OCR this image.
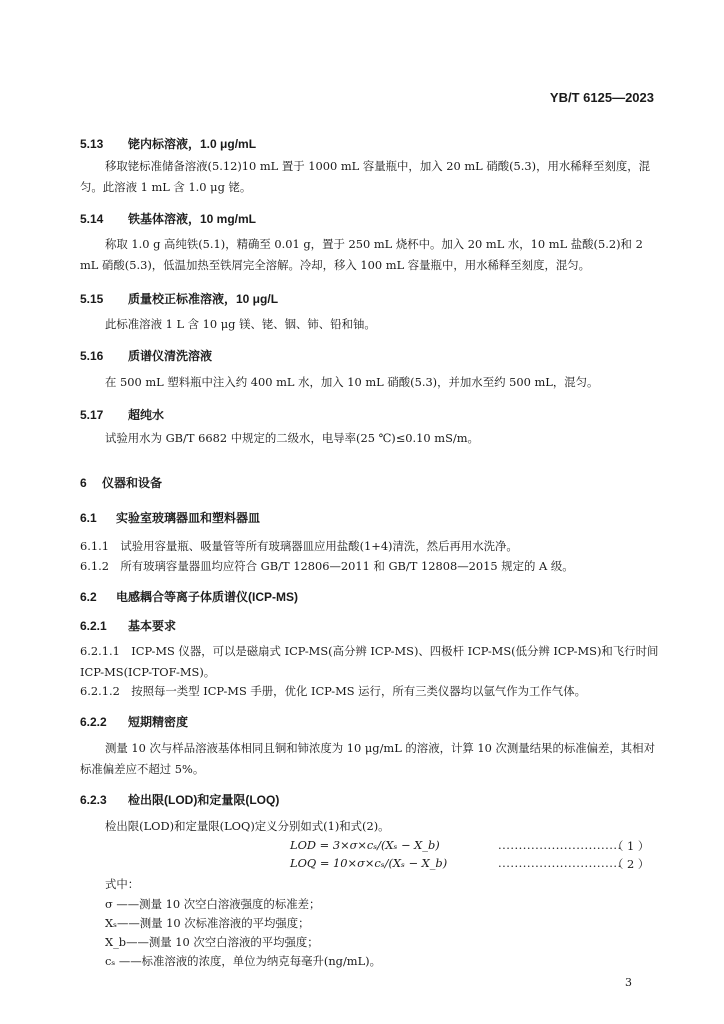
YB/T 6125—2023
5.13 铑内标溶液，1.0 μg/mL
移取铑标准储备溶液(5.12)10 mL 置于 1000 mL 容量瓶中，加入 20 mL 硝酸(5.3)，用水稀释至刻度，混匀。此溶液 1 mL 含 1.0 μg 铑。
5.14 铁基体溶液，10 mg/mL
称取 1.0 g 高纯铁(5.1)，精确至 0.01 g，置于 250 mL 烧杯中。加入 20 mL 水，10 mL 盐酸(5.2)和 2 mL 硝酸(5.3)，低温加热至铁屑完全溶解。冷却，移入 100 mL 容量瓶中，用水稀释至刻度，混匀。
5.15 质量校正标准溶液，10 μg/L
此标准溶液 1 L 含 10 μg 镁、铑、铟、铈、铅和铀。
5.16 质谱仪清洗溶液
在 500 mL 塑料瓶中注入约 400 mL 水，加入 10 mL 硝酸(5.3)，并加水至约 500 mL，混匀。
5.17 超纯水
试验用水为 GB/T 6682 中规定的二级水，电导率(25 ℃)≤0.10 mS/m。
6 仪器和设备
6.1 实验室玻璃器皿和塑料器皿
6.1.1　试验用容量瓶、吸量管等所有玻璃器皿应用盐酸(1+4)清洗，然后再用水洗净。
6.1.2　所有玻璃容量器皿均应符合 GB/T 12806—2011 和 GB/T 12808—2015 规定的 A 级。
6.2 电感耦合等离子体质谱仪(ICP-MS)
6.2.1 基本要求
6.2.1.1　ICP-MS 仪器，可以是磁扇式 ICP-MS(高分辨 ICP-MS)、四极杆 ICP-MS(低分辨 ICP-MS)和飞行时间 ICP-MS(ICP-TOF-MS)。
6.2.1.2　按照每一类型 ICP-MS 手册，优化 ICP-MS 运行，所有三类仪器均以氩气作为工作气体。
6.2.2 短期精密度
测量 10 次与样品溶液基体相同且铜和铈浓度为 10 μg/mL 的溶液，计算 10 次测量结果的标准偏差，其相对标准偏差应不超过 5%。
6.2.3 检出限(LOD)和定量限(LOQ)
检出限(LOD)和定量限(LOQ)定义分别如式(1)和式(2)。
LOD = 3×σ×cₛ/(Xₛ − X_b)	..............................
（ 1 ）
LOQ = 10×σ×cₛ/(Xₛ − X_b)	..............................
（ 2 ）
式中：
σ ——测量 10 次空白溶液强度的标准差；
Xₛ——测量 10 次标准溶液的平均强度；
X_b——测量 10 次空白溶液的平均强度；
cₛ ——标准溶液的浓度，单位为纳克每毫升(ng/mL)。
3
